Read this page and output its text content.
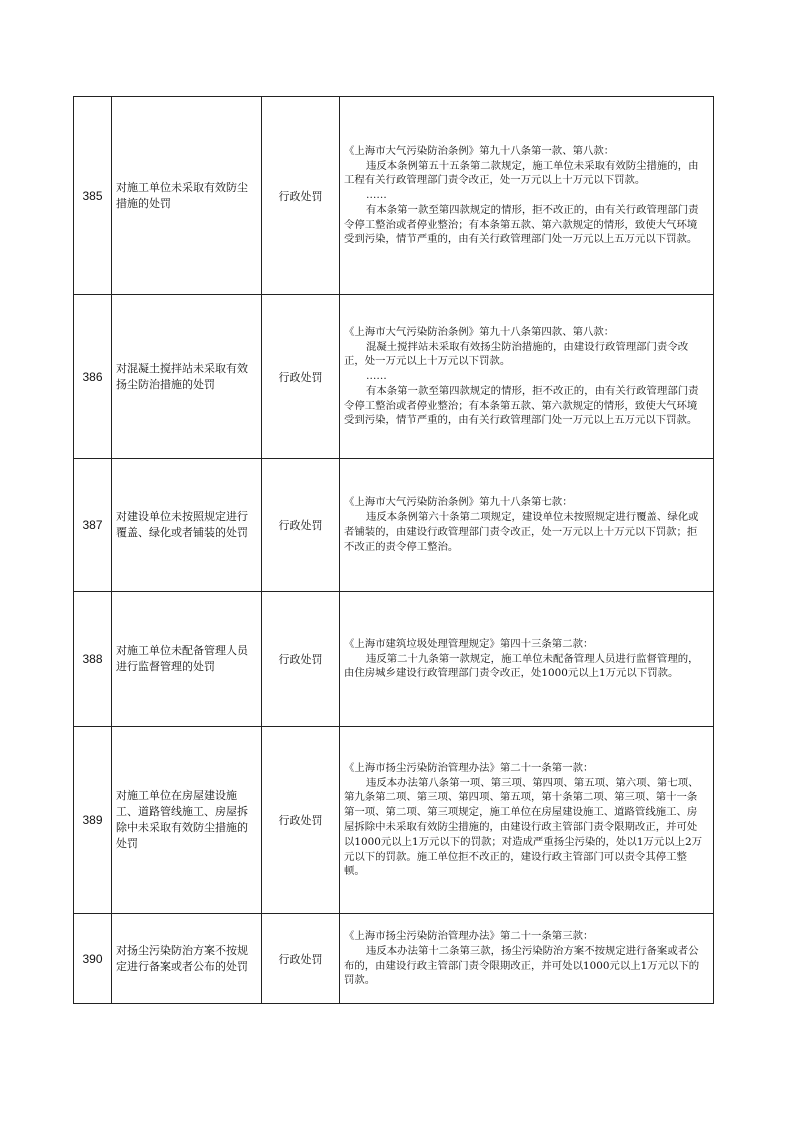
385	对施工单位未采取有效防尘措施的处罚	行政处罚	《上海市大气污染防治条例》第九十八条第一款、第八款：

违反本条例第五十五条第二款规定，施工单位未采取有效防尘措施的，由工程有关行政管理部门责令改正，处一万元以上十万元以下罚款。

……

有本条第一款至第四款规定的情形，拒不改正的，由有关行政管理部门责令停工整治或者停业整治；有本条第五款、第六款规定的情形，致使大气环境受到污染，情节严重的，由有关行政管理部门处一万元以上五万元以下罚款。

386	对混凝土搅拌站未采取有效扬尘防治措施的处罚	行政处罚	《上海市大气污染防治条例》第九十八条第四款、第八款：

混凝土搅拌站未采取有效扬尘防治措施的，由建设行政管理部门责令改正，处一万元以上十万元以下罚款。

……

有本条第一款至第四款规定的情形，拒不改正的，由有关行政管理部门责令停工整治或者停业整治；有本条第五款、第六款规定的情形，致使大气环境受到污染，情节严重的，由有关行政管理部门处一万元以上五万元以下罚款。

387	对建设单位未按照规定进行覆盖、绿化或者铺装的处罚	行政处罚	《上海市大气污染防治条例》第九十八条第七款：

违反本条例第六十条第二项规定，建设单位未按照规定进行覆盖、绿化或者铺装的，由建设行政管理部门责令改正，处一万元以上十万元以下罚款；拒不改正的责令停工整治。

388	对施工单位未配备管理人员进行监督管理的处罚	行政处罚	《上海市建筑垃圾处理管理规定》第四十三条第二款：

违反第二十九条第一款规定，施工单位未配备管理人员进行监督管理的，由住房城乡建设行政管理部门责令改正，处1000元以上1万元以下罚款。

389	对施工单位在房屋建设施工、道路管线施工、房屋拆除中未采取有效防尘措施的处罚	行政处罚	《上海市扬尘污染防治管理办法》第二十一条第一款：

违反本办法第八条第一项、第三项、第四项、第五项、第六项、第七项、第九条第二项、第三项、第四项、第五项，第十条第二项、第三项、第十一条第一项、第二项、第三项规定，施工单位在房屋建设施工、道路管线施工、房屋拆除中未采取有效防尘措施的，由建设行政主管部门责令限期改正，并可处以1000元以上1万元以下的罚款；对造成严重扬尘污染的，处以1万元以上2万元以下的罚款。施工单位拒不改正的，建设行政主管部门可以责令其停工整顿。

390	对扬尘污染防治方案不按规定进行备案或者公布的处罚	行政处罚	《上海市扬尘污染防治管理办法》第二十一条第三款：

违反本办法第十二条第三款，扬尘污染防治方案不按规定进行备案或者公布的，由建设行政主管部门责令限期改正，并可处以1000元以上1万元以下的罚款。
